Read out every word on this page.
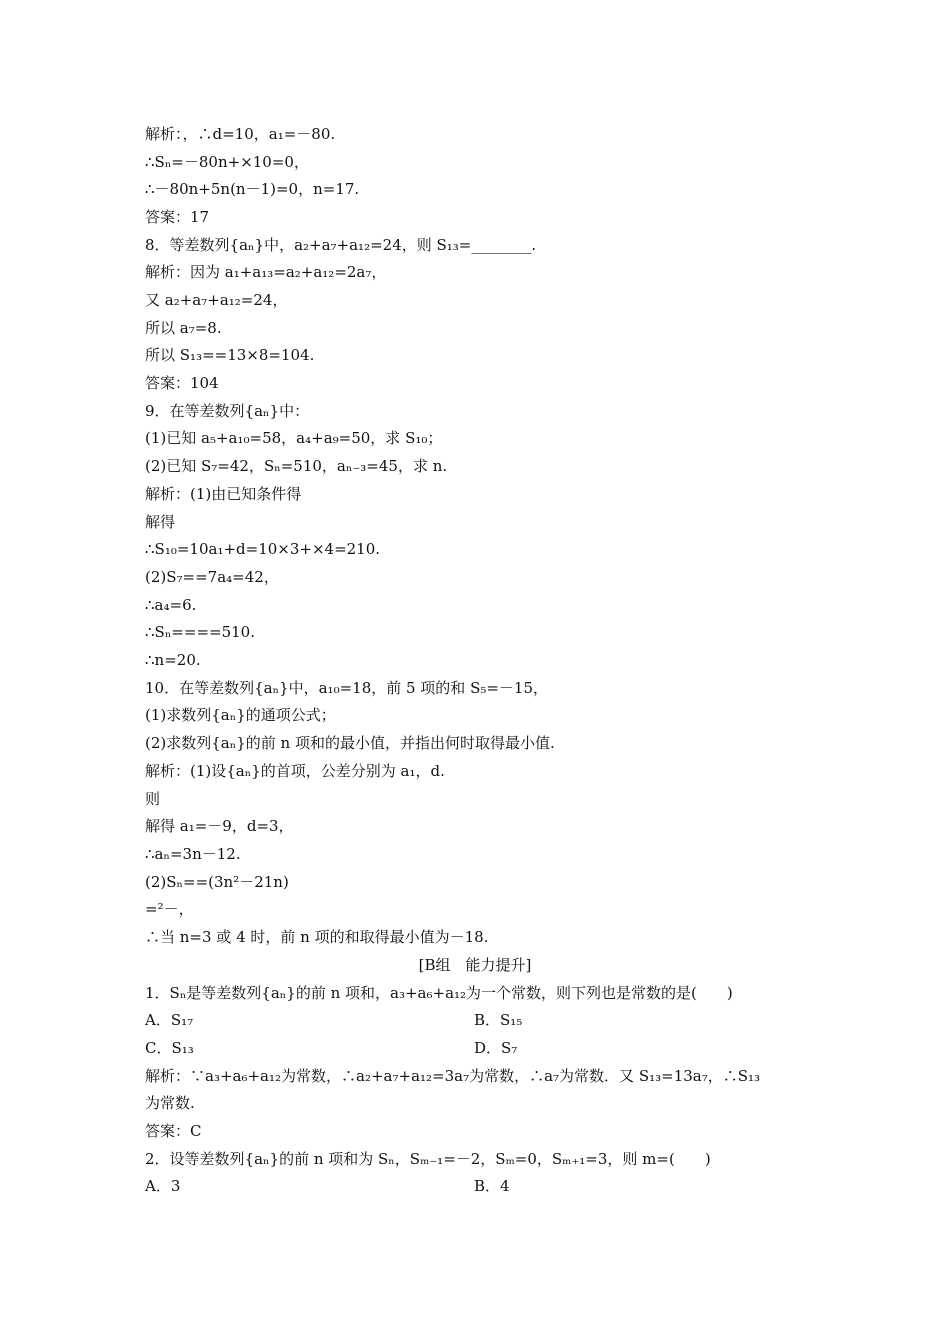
解析：，∴d=10，a₁=－80.
∴Sₙ=－80n+×10=0，
∴－80n+5n(n－1)=0，n=17.
答案：17
8．等差数列{aₙ}中，a₂+a₇+a₁₂=24，则 S₁₃=________.
解析：因为 a₁+a₁₃=a₂+a₁₂=2a₇，
又 a₂+a₇+a₁₂=24，
所以 a₇=8.
所以 S₁₃==13×8=104.
答案：104
9．在等差数列{aₙ}中：
(1)已知 a₅+a₁₀=58，a₄+a₉=50，求 S₁₀；
(2)已知 S₇=42，Sₙ=510，aₙ₋₃=45，求 n.
解析：(1)由已知条件得
解得
∴S₁₀=10a₁+d=10×3+×4=210.
(2)S₇==7a₄=42，
∴a₄=6.
∴Sₙ====510.
∴n=20.
10．在等差数列{aₙ}中，a₁₀=18，前 5 项的和 S₅=－15，
(1)求数列{aₙ}的通项公式；
(2)求数列{aₙ}的前 n 项和的最小值，并指出何时取得最小值.
解析：(1)设{aₙ}的首项，公差分别为 a₁，d.
则
解得 a₁=－9，d=3，
∴aₙ=3n－12.
(2)Sₙ==(3n²－21n)
=²－，
∴当 n=3 或 4 时，前 n 项的和取得最小值为－18.
[B组　能力提升]
1．Sₙ是等差数列{aₙ}的前 n 项和，a₃+a₆+a₁₂为一个常数，则下列也是常数的是(　　)
A．S₁₇	B．S₁₅
C．S₁₃	D．S₇
解析：∵a₃+a₆+a₁₂为常数，∴a₂+a₇+a₁₂=3a₇为常数，∴a₇为常数．又 S₁₃=13a₇，∴S₁₃
为常数.
答案：C
2．设等差数列{aₙ}的前 n 项和为 Sₙ，Sₘ₋₁=－2，Sₘ=0，Sₘ₊₁=3，则 m=(　　)
A．3	B．4
